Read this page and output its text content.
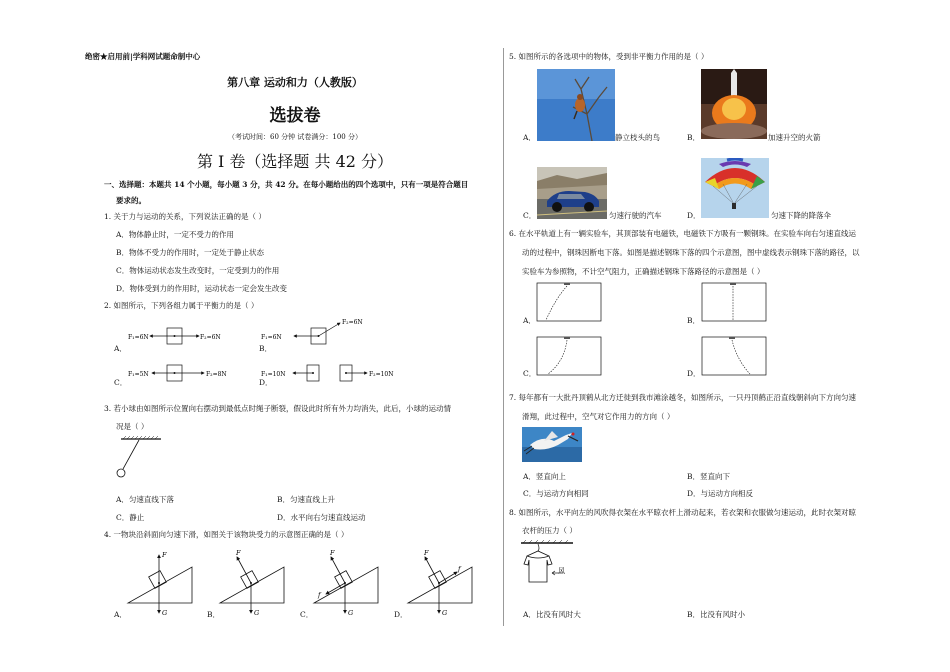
绝密★启用前|学科网试题命制中心
第八章 运动和力（人教版）
选拔卷
（考试时间：60 分钟 试卷满分：100 分）
第 I 卷（选择题 共 42 分）
一、选择题：本题共 14 个小题，每小题 3 分，共 42 分。在每小题给出的四个选项中，只有一项是符合题目
要求的。
1. 关于力与运动的关系，下列说法正确的是（ ）
A．物体静止时，一定不受力的作用
B．物体不受力的作用时，一定处于静止状态
C．物体运动状态发生改变时，一定受到力的作用
D．物体受到力的作用时，运动状态一定会发生改变
2. 如图所示，下列各组力属于平衡力的是（ ）
A．	B．
C．	D．
F₁=6N	F₂=6N	F₁=6N
F₂=6N
F₁=5N	F₂=8N	F₁=10N	F₂=10N
3. 若小球由如图所示位置向右摆动到最低点时绳子断裂，假设此时所有外力均消失，此后，小球的运动情
况是（ ）
A．匀速直线下落	B．匀速直线上升
C．静止	D．水平向右匀速直线运动
4. 一物块沿斜面向匀速下滑，如图关于该物块受力的示意图正确的是（ ）
A．	B．	C．	D．
F
G
F
G
F
f
G
F
f
G
5. 如图所示的各选项中的物体，受到非平衡力作用的是（ ）
A．	静立枝头的鸟	B．	加速升空的火箭
C．	匀速行驶的汽车	D．	匀速下降的降落伞
6. 在水平轨道上有一辆实验车，其顶部装有电磁铁，电磁铁下方吸有一颗钢珠。在实验车向右匀速直线运
动的过程中，钢珠因断电下落。如图是描述钢珠下落的四个示意图，图中虚线表示钢珠下落的路径，以
实验车为参照物，不计空气阻力，正确描述钢珠下落路径的示意图是（ ）
A．	B．
C．	D．
7. 每年都有一大批丹顶鹤从北方迁徙到我市滩涂越冬，如图所示，一只丹顶鹤正沿直线朝斜向下方向匀速
滑翔，此过程中，空气对它作用力的方向（ ）
A．竖直向上	B．竖直向下
C．与运动方向相同	D．与运动方向相反
8. 如图所示，水平向左的风吹得衣架在水平晾衣杆上滑动起来，若衣架和衣服做匀速运动，此时衣架对晾
衣杆的压力（ ）
风
A．比没有风时大	B．比没有风时小
